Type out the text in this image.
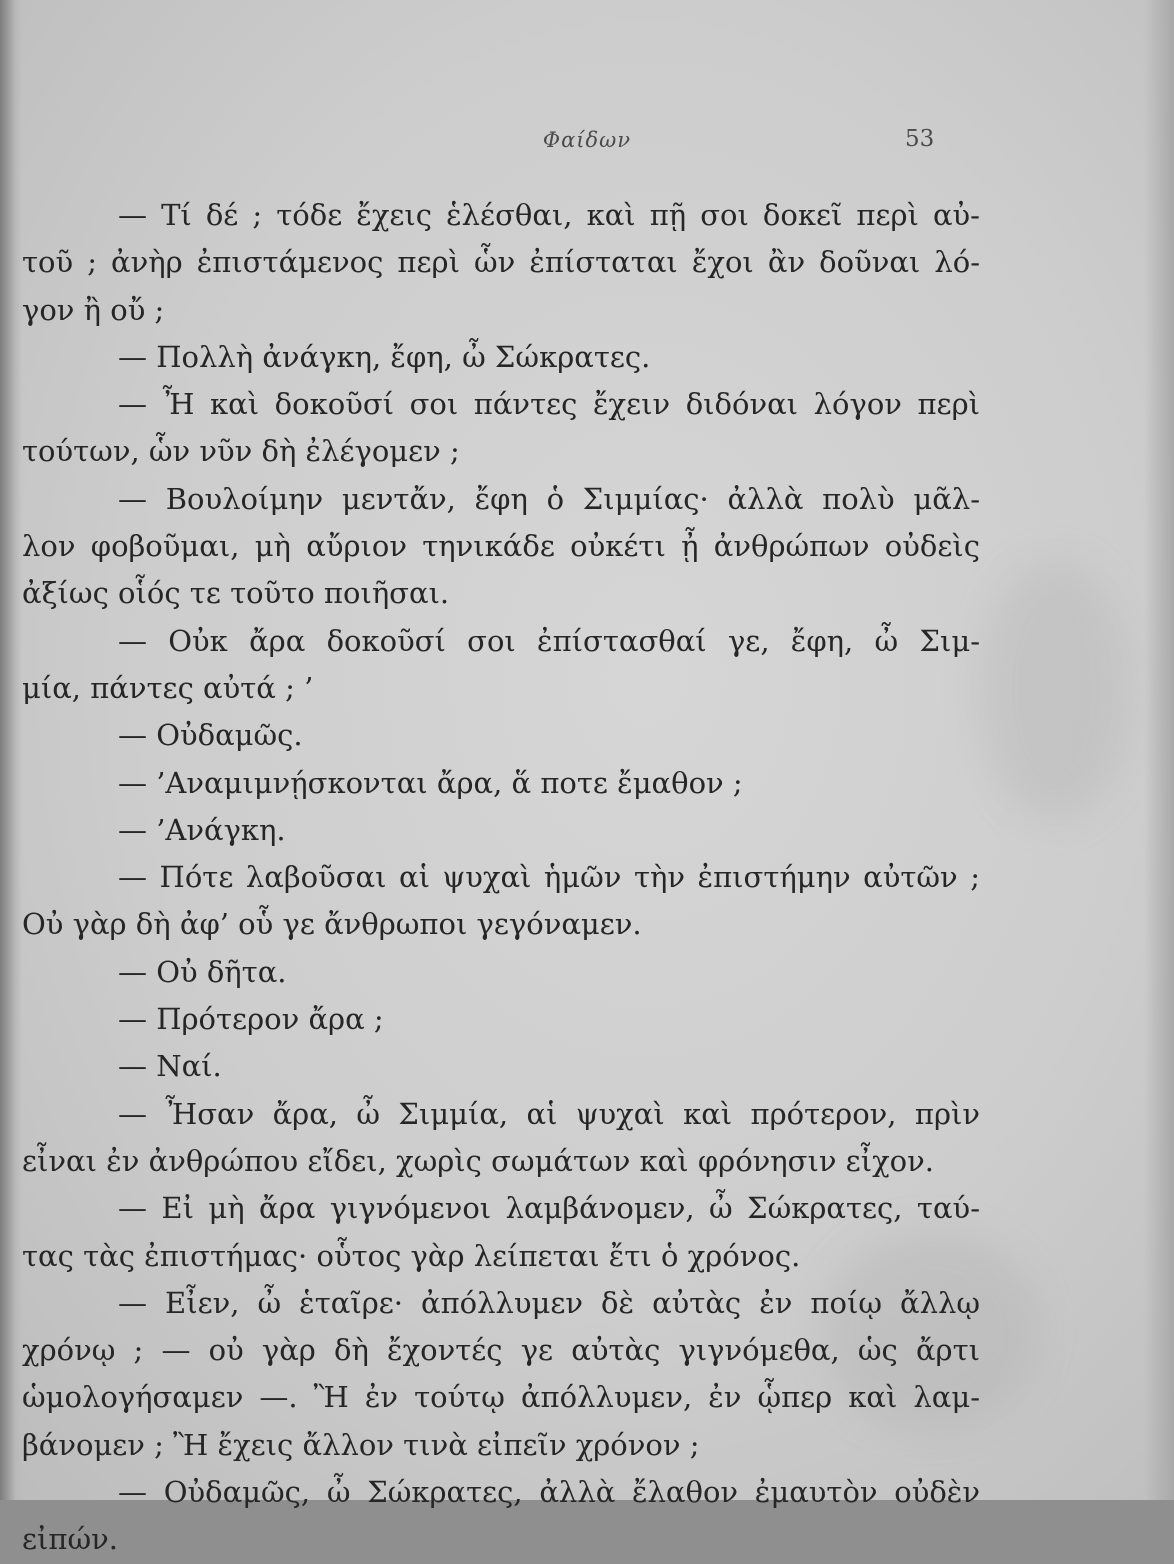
Φαίδων	53
— Τί δέ ; τόδε ἔχεις ἑλέσθαι, καὶ πῇ σοι δοκεῖ περὶ αὐ-
τοῦ ; ἀνὴρ ἐπιστάμενος περὶ ὧν ἐπίσταται ἔχοι ἂν δοῦναι λό-
γον ἢ οὔ ;
— Πολλὴ ἀνάγκη, ἔφη, ὦ Σώκρατες.
— Ἦ καὶ δοκοῦσί σοι πάντες ἔχειν διδόναι λόγον περὶ
τούτων, ὧν νῦν δὴ ἐλέγομεν ;
— Βουλοίμην μεντἄν, ἔφη ὁ Σιμμίας· ἀλλὰ πολὺ μᾶλ-
λον φοβοῦμαι, μὴ αὔριον τηνικάδε οὐκέτι ᾖ ἀνθρώπων οὐδεὶς
ἀξίως οἷός τε τοῦτο ποιῆσαι.
— Οὐκ ἄρα δοκοῦσί σοι ἐπίστασθαί γε, ἔφη, ὦ Σιμ-
μία, πάντες αὐτά ; ’
— Οὐδαμῶς.
— ’Αναμιμνῄσκονται ἄρα, ἅ ποτε ἔμαθον ;
— ’Ανάγκη.
— Πότε λαβοῦσαι αἱ ψυχαὶ ἡμῶν τὴν ἐπιστήμην αὐτῶν ;
Οὐ γὰρ δὴ ἀφ’ οὗ γε ἄνθρωποι γεγόναμεν.
— Οὐ δῆτα.
— Πρότερον ἄρα ;
— Ναί.
— Ἦσαν ἄρα, ὦ Σιμμία, αἱ ψυχαὶ καὶ πρότερον, πρὶν
εἶναι ἐν ἀνθρώπου εἴδει, χωρὶς σωμάτων καὶ φρόνησιν εἶχον.
— Εἰ μὴ ἄρα γιγνόμενοι λαμβάνομεν, ὦ Σώκρατες, ταύ-
τας τὰς ἐπιστήμας· οὗτος γὰρ λείπεται ἔτι ὁ χρόνος.
— Εἶεν, ὦ ἑταῖρε· ἀπόλλυμεν δὲ αὐτὰς ἐν ποίῳ ἄλλῳ
χρόνῳ ; — οὐ γὰρ δὴ ἔχοντές γε αὐτὰς γιγνόμεθα, ὡς ἄρτι
ὡμολογήσαμεν —. Ἢ ἐν τούτῳ ἀπόλλυμεν, ἐν ᾧπερ καὶ λαμ-
βάνομεν ; Ἢ ἔχεις ἄλλον τινὰ εἰπεῖν χρόνον ;
— Οὐδαμῶς, ὦ Σώκρατες, ἀλλὰ ἔλαθον ἐμαυτὸν οὐδὲν
εἰπών.
